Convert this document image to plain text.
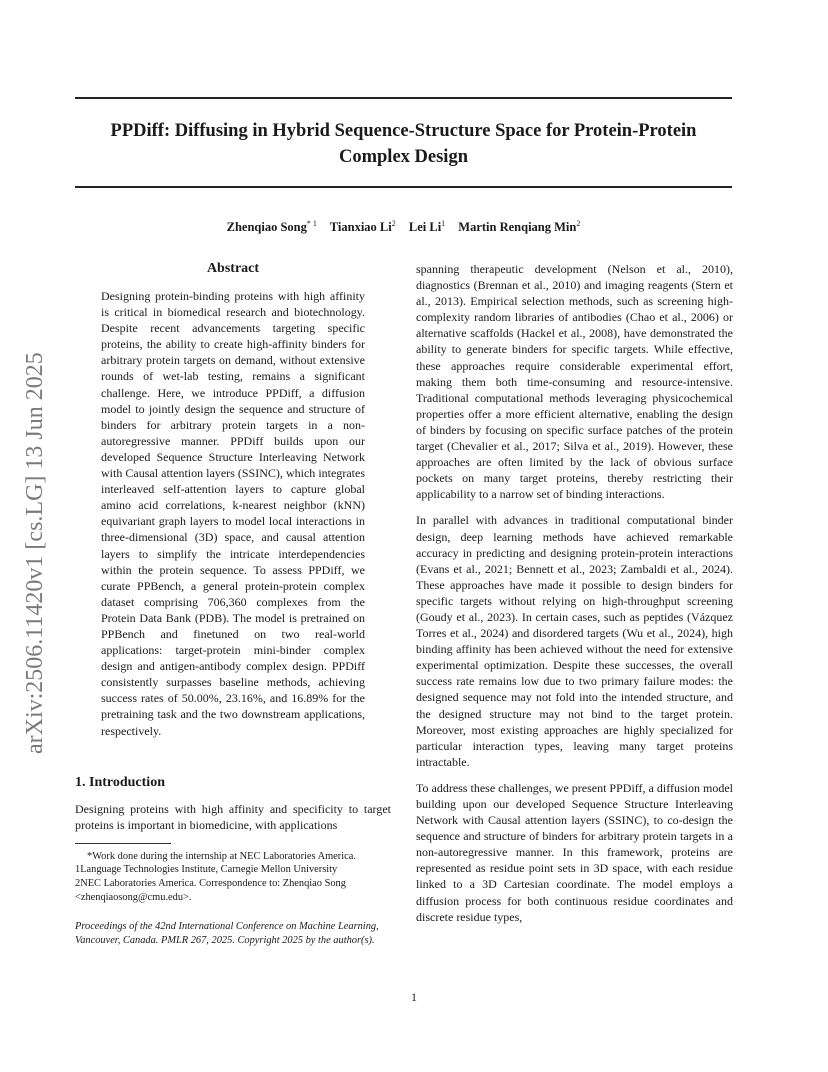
PPDiff: Diffusing in Hybrid Sequence-Structure Space for Protein-Protein
Complex Design
Zhenqiao Song$^{* 1}$ Tianxiao Li$^2$ Lei Li$^1$ Martin Renqiang Min$^2$
arXiv:2506.11420v1 [cs.LG] 13 Jun 2025
Abstract

Designing protein-binding proteins with high affinity is critical in biomedical research and biotechnology. Despite recent advancements targeting specific proteins, the ability to create high-affinity binders for arbitrary protein targets on demand, without extensive rounds of wet-lab testing, remains a significant challenge. Here, we introduce PPDiff, a diffusion model to jointly design the sequence and structure of binders for arbitrary protein targets in a non-autoregressive manner. PPDiff builds upon our developed Sequence Structure Interleaving Network with Causal attention layers (SSINC), which integrates interleaved self-attention layers to capture global amino acid correlations, k-nearest neighbor (kNN) equivariant graph layers to model local interactions in three-dimensional (3D) space, and causal attention layers to simplify the intricate interdependencies within the protein sequence. To assess PPDiff, we curate PPBench, a general protein-protein complex dataset comprising 706,360 complexes from the Protein Data Bank (PDB). The model is pretrained on PPBench and finetuned on two real-world applications: target-protein mini-binder complex design and antigen-antibody complex design. PPDiff consistently surpasses baseline methods, achieving success rates of 50.00%, 23.16%, and 16.89% for the pretraining task and the two downstream applications, respectively.

1. Introduction

Designing proteins with high affinity and specificity to target proteins is important in biomedicine, with applications

*Work done during the internship at NEC Laboratories America.

1Language Technologies Institute, Carnegie Mellon University

2NEC Laboratories America. Correspondence to: Zhenqiao Song <zhenqiaosong@cmu.edu>.

Proceedings of the 42nd International Conference on Machine Learning, Vancouver, Canada. PMLR 267, 2025. Copyright 2025 by the author(s).

spanning therapeutic development (Nelson et al., 2010), diagnostics (Brennan et al., 2010) and imaging reagents (Stern et al., 2013). Empirical selection methods, such as screening high-complexity random libraries of antibodies (Chao et al., 2006) or alternative scaffolds (Hackel et al., 2008), have demonstrated the ability to generate binders for specific targets. While effective, these approaches require considerable experimental effort, making them both time-consuming and resource-intensive. Traditional computational methods leveraging physicochemical properties offer a more efficient alternative, enabling the design of binders by focusing on specific surface patches of the protein target (Chevalier et al., 2017; Silva et al., 2019). However, these approaches are often limited by the lack of obvious surface pockets on many target proteins, thereby restricting their applicability to a narrow set of binding interactions.

In parallel with advances in traditional computational binder design, deep learning methods have achieved remarkable accuracy in predicting and designing protein-protein interactions (Evans et al., 2021; Bennett et al., 2023; Zambaldi et al., 2024). These approaches have made it possible to design binders for specific targets without relying on high-throughput screening (Goudy et al., 2023). In certain cases, such as peptides (Vázquez Torres et al., 2024) and disordered targets (Wu et al., 2024), high binding affinity has been achieved without the need for extensive experimental optimization. Despite these successes, the overall success rate remains low due to two primary failure modes: the designed sequence may not fold into the intended structure, and the designed structure may not bind to the target protein. Moreover, most existing approaches are highly specialized for particular interaction types, leaving many target proteins intractable.

To address these challenges, we present PPDiff, a diffusion model building upon our developed Sequence Structure Interleaving Network with Causal attention layers (SSINC), to co-design the sequence and structure of binders for arbitrary protein targets in a non-autoregressive manner. In this framework, proteins are represented as residue point sets in 3D space, with each residue linked to a 3D Cartesian coordinate. The model employs a diffusion process for both continuous residue coordinates and discrete residue types,

1
